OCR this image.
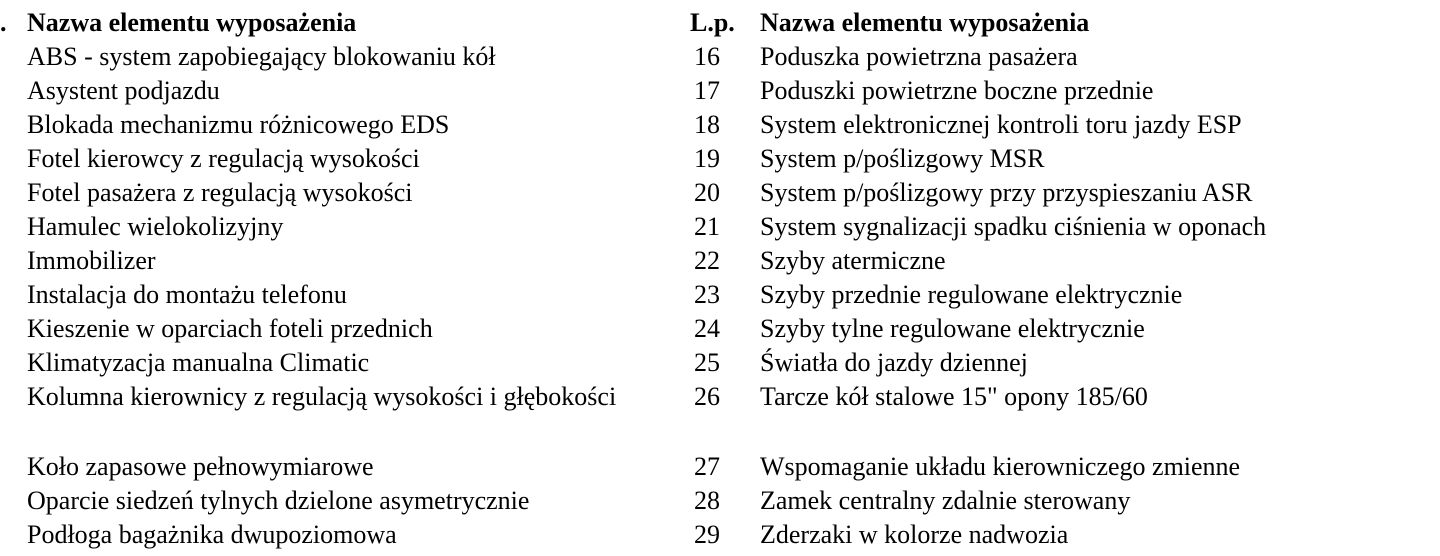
. Nazwa elementu wyposażenia
ABS - system zapobiegający blokowaniu kół
Asystent podjazdu
Blokada mechanizmu różnicowego EDS
Fotel kierowcy z regulacją wysokości
Fotel pasażera z regulacją wysokości
Hamulec wielokolizyjny
Immobilizer
Instalacja do montażu telefonu
Kieszenie w oparciach foteli przednich
Klimatyzacja manualna Climatic
Kolumna kierownicy z regulacją wysokości i głębokości
Koło zapasowe pełnowymiarowe
Oparcie siedzeń tylnych dzielone asymetrycznie
Podłoga bagażnika dwupoziomowa
L.p. Nazwa elementu wyposażenia
16	Poduszka powietrzna pasażera
17	Poduszki powietrzne boczne przednie
18	System elektronicznej kontroli toru jazdy ESP
19	System p/poślizgowy MSR
20	System p/poślizgowy przy przyspieszaniu ASR
21	System sygnalizacji spadku ciśnienia w oponach
22	Szyby atermiczne
23	Szyby przednie regulowane elektrycznie
24	Szyby tylne regulowane elektrycznie
25	Światła do jazdy dziennej
26	Tarcze kół stalowe 15" opony 185/60
27	Wspomaganie układu kierowniczego zmienne
28	Zamek centralny zdalnie sterowany
29	Zderzaki w kolorze nadwozia
